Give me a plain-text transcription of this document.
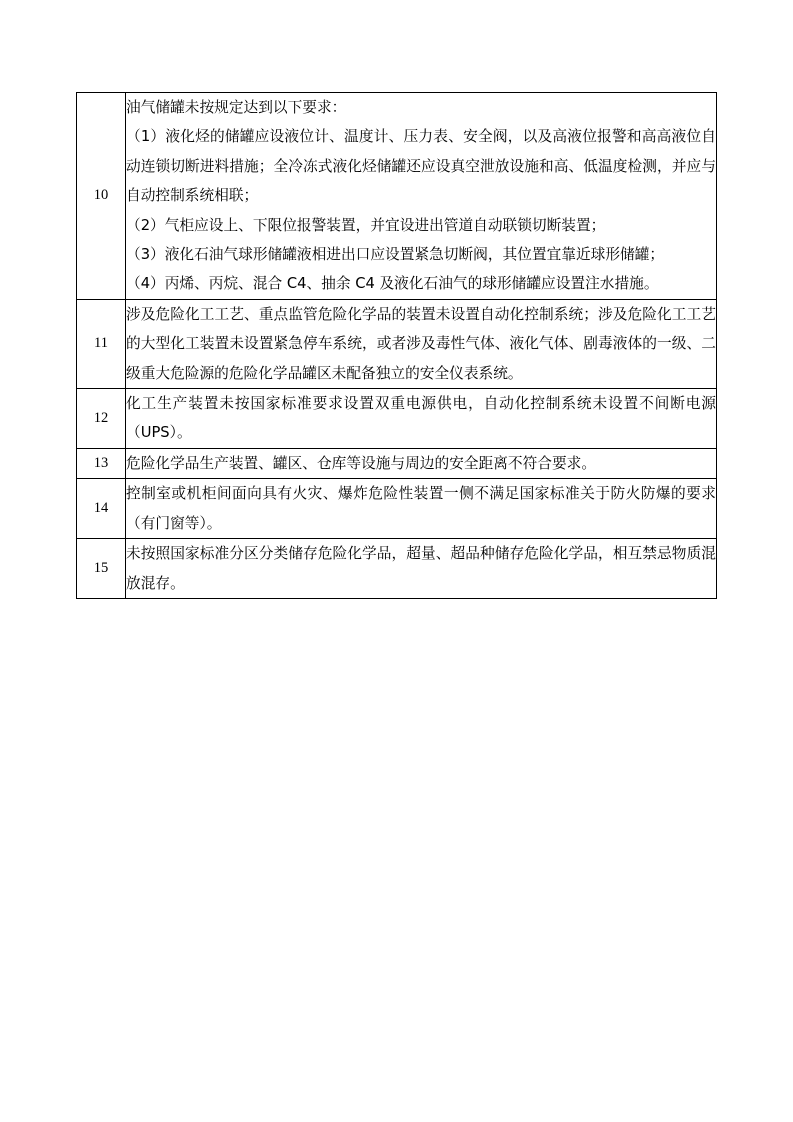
10	油气储罐未按规定达到以下要求：

（1）液化烃的储罐应设液位计、温度计、压力表、安全阀，以及高液位报警和高高液位自动连锁切断进料措施；全冷冻式液化烃储罐还应设真空泄放设施和高、低温度检测，并应与自动控制系统相联；

（2）气柜应设上、下限位报警装置，并宜设进出管道自动联锁切断装置；

（3）液化石油气球形储罐液相进出口应设置紧急切断阀，其位置宜靠近球形储罐；

（4）丙烯、丙烷、混合 C4、抽余 C4 及液化石油气的球形储罐应设置注水措施。

11	涉及危险化工工艺、重点监管危险化学品的装置未设置自动化控制系统；涉及危险化工工艺的大型化工装置未设置紧急停车系统，或者涉及毒性气体、液化气体、剧毒液体的一级、二级重大危险源的危险化学品罐区未配备独立的安全仪表系统。

12	化工生产装置未按国家标准要求设置双重电源供电，自动化控制系统未设置不间断电源（UPS）。

13	危险化学品生产装置、罐区、仓库等设施与周边的安全距离不符合要求。

14	控制室或机柜间面向具有火灾、爆炸危险性装置一侧不满足国家标准关于防火防爆的要求（有门窗等）。

15	未按照国家标准分区分类储存危险化学品，超量、超品种储存危险化学品，相互禁忌物质混放混存。
